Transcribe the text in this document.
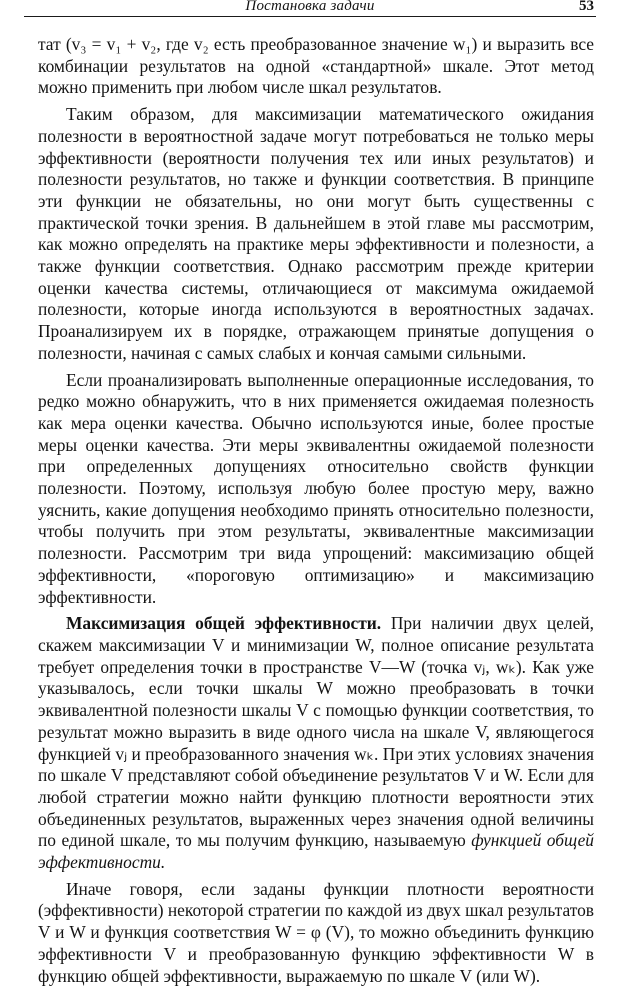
Постановка задачи	53

тат (v₃ = v₁ + v₂, где v₂ есть преобразованное значение w₁) и выразить все комбинации результатов на одной «стандартной» шкале. Этот метод можно применить при любом числе шкал результатов.

Таким образом, для максимизации математического ожидания полезности в вероятностной задаче могут потребоваться не только меры эффективности (вероятности получения тех или иных результатов) и полезности результатов, но также и функции соответствия. В принципе эти функции не обязательны, но они могут быть существенны с практической точки зрения. В дальнейшем в этой главе мы рассмотрим, как можно определять на практике меры эффективности и полезности, а также функции соответствия. Однако рассмотрим прежде критерии оценки качества системы, отличающиеся от максимума ожидаемой полезности, которые иногда используются в вероятностных задачах. Проанализируем их в порядке, отражающем принятые допущения о полезности, начиная с самых слабых и кончая самыми сильными.

Если проанализировать выполненные операционные исследования, то редко можно обнаружить, что в них применяется ожидаемая полезность как мера оценки качества. Обычно используются иные, более простые меры оценки качества. Эти меры эквивалентны ожидаемой полезности при определенных допущениях относительно свойств функции полезности. Поэтому, используя любую более простую меру, важно уяснить, какие допущения необходимо принять относительно полезности, чтобы получить при этом результаты, эквивалентные максимизации полезности. Рассмотрим три вида упрощений: максимизацию общей эффективности, «пороговую оптимизацию» и максимизацию эффективности.

Максимизация общей эффективности. При наличии двух целей, скажем максимизации V и минимизации W, полное описание результата требует определения точки в пространстве V—W (точка vⱼ, wₖ). Как уже указывалось, если точки шкалы W можно преобразовать в точки эквивалентной полезности шкалы V с помощью функции соответствия, то результат можно выразить в виде одного числа на шкале V, являющегося функцией vⱼ и преобразованного значения wₖ. При этих условиях значения по шкале V представляют собой объединение результатов V и W. Если для любой стратегии можно найти функцию плотности вероятности этих объединенных результатов, выраженных через значения одной величины по единой шкале, то мы получим функцию, называемую функцией общей эффективности.

Иначе говоря, если заданы функции плотности вероятности (эффективности) некоторой стратегии по каждой из двух шкал результатов V и W и функция соответствия W = φ (V), то можно объединить функцию эффективности V и преобразованную функцию эффективности W в функцию общей эффективности, выражаемую по шкале V (или W).
